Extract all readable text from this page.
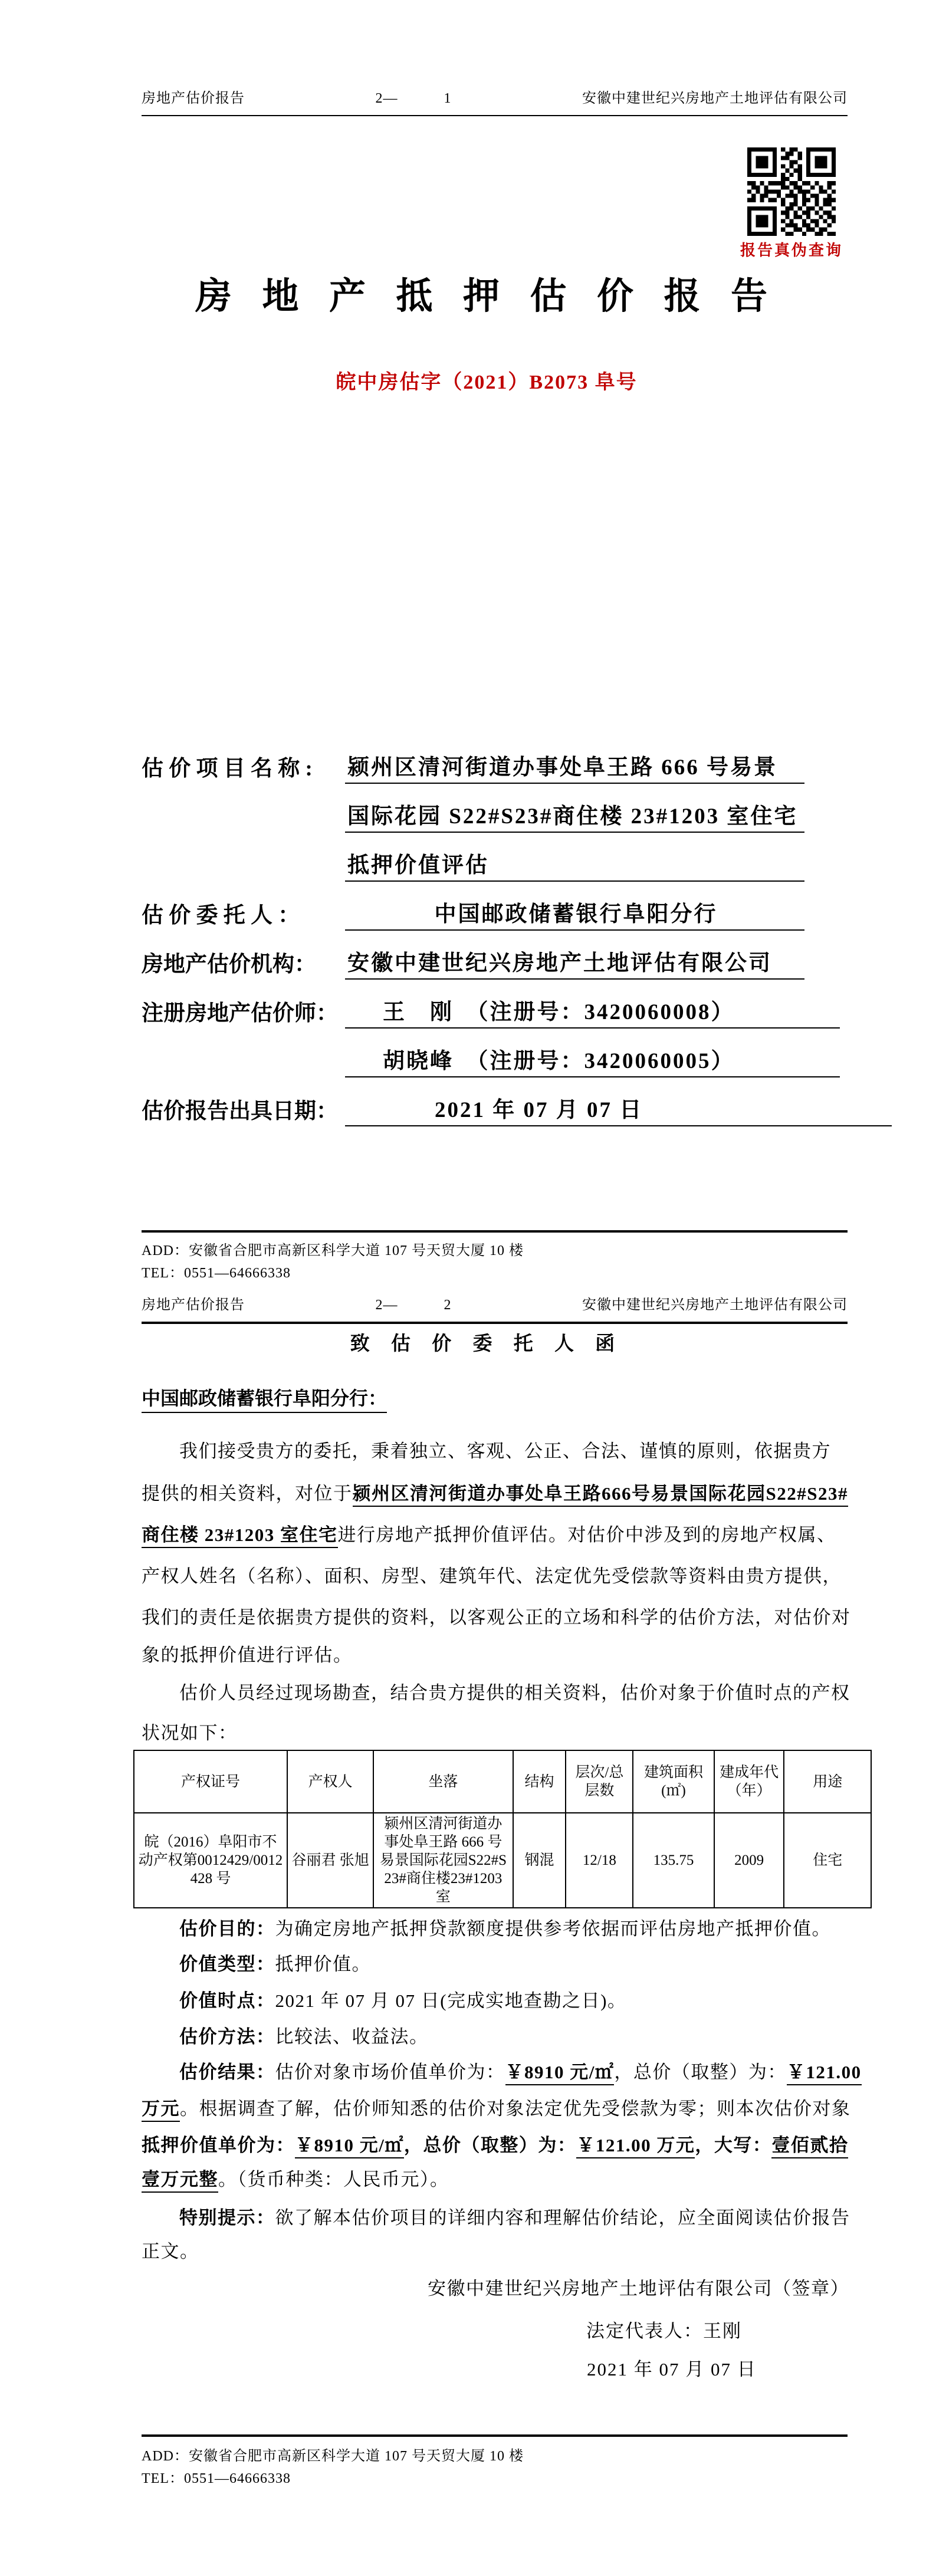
房地产估价报告	2—	1	安徽中建世纪兴房地产土地评估有限公司
报告真伪查询
房 地 产 抵 押 估 价 报 告
皖中房估字（2021）B2073 阜号
估 价 项 目 名 称 :	颍州区清河街道办事处阜王路 666 号易景
国际花园 S22#S23#商住楼 23#1203 室住宅
抵押价值评估
估 价 委 托 人 ：	中国邮政储蓄银行阜阳分行
房地产估价机构：	安徽中建世纪兴房地产土地评估有限公司
注册房地产估价师：	王　刚　（注册号：3420060008）
胡晓峰　（注册号：3420060005）
估价报告出具日期：	2021 年 07 月 07 日
ADD：安徽省合肥市高新区科学大道 107 号天贸大厦 10 楼
TEL：0551—64666338
房地产估价报告	2—	2	安徽中建世纪兴房地产土地评估有限公司
致 估 价 委 托 人 函
中国邮政储蓄银行阜阳分行：
我们接受贵方的委托，秉着独立、客观、公正、合法、谨慎的原则，依据贵方
提供的相关资料，对位于颍州区清河街道办事处阜王路666号易景国际花园S22#S23#
商住楼 23#1203 室住宅进行房地产抵押价值评估。对估价中涉及到的房地产权属、
产权人姓名（名称）、面积、房型、建筑年代、法定优先受偿款等资料由贵方提供，
我们的责任是依据贵方提供的资料，以客观公正的立场和科学的估价方法，对估价对
象的抵押价值进行评估。
估价人员经过现场勘查，结合贵方提供的相关资料，估价对象于价值时点的产权
状况如下：
产权证号	产权人	坐落	结构	层次/总层数	建筑面积(㎡)	建成年代（年）	用途
皖（2016）阜阳市不动产权第0012429/0012428 号	谷丽君 张旭	颍州区清河街道办事处阜王路 666 号易景国际花园S22#S23#商住楼23#1203 室	钢混	12/18	135.75	2009	住宅
估价目的：为确定房地产抵押贷款额度提供参考依据而评估房地产抵押价值。
价值类型：抵押价值。
价值时点：2021 年 07 月 07 日(完成实地查勘之日)。
估价方法：比较法、收益法。
估价结果：估价对象市场价值单价为：￥8910 元/㎡，总价（取整）为：￥121.00
万元。根据调查了解，估价师知悉的估价对象法定优先受偿款为零；则本次估价对象
抵押价值单价为：￥8910 元/㎡，总价（取整）为：￥121.00 万元，大写：壹佰贰拾
壹万元整。（货币种类：人民币元）。
特别提示：欲了解本估价项目的详细内容和理解估价结论，应全面阅读估价报告
正文。
安徽中建世纪兴房地产土地评估有限公司（签章）
法定代表人：王刚
2021 年 07 月 07 日
ADD：安徽省合肥市高新区科学大道 107 号天贸大厦 10 楼
TEL：0551—64666338
